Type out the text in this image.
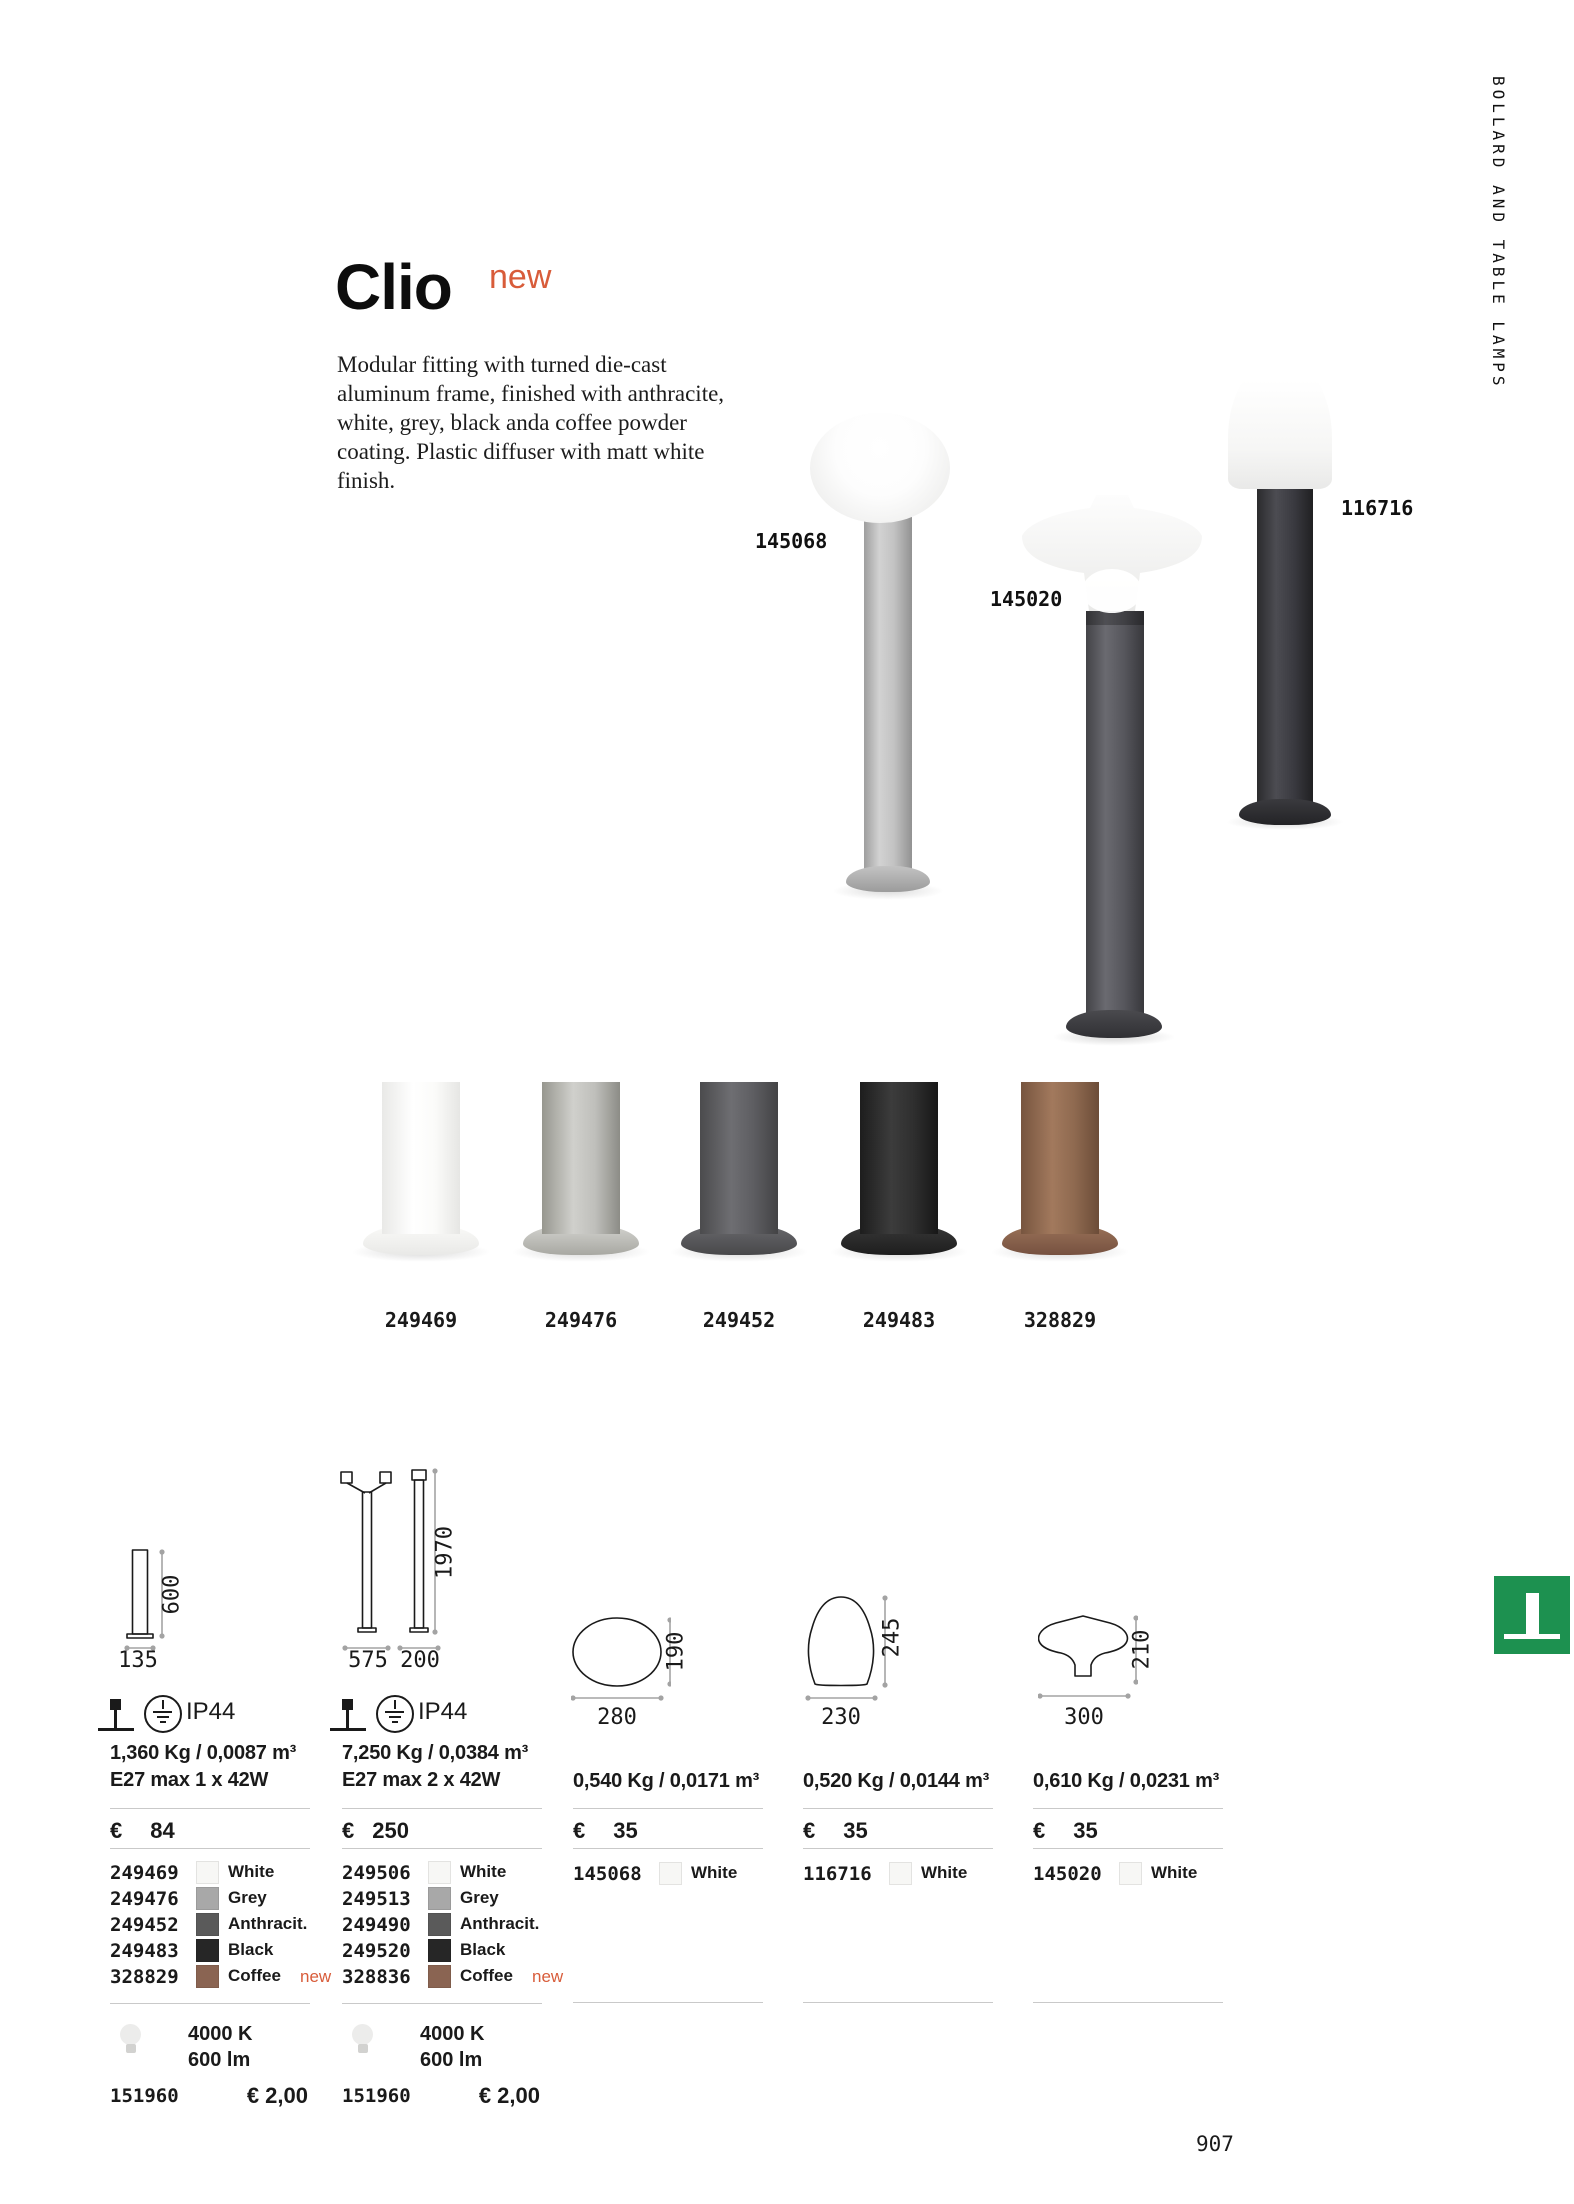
BOLLARD AND TABLE LAMPS
Clio new
Modular fitting with turned die-cast aluminum frame, finished with anthracite, white, grey, black anda coffee powder coating. Plastic diffuser with matt white finish.
145068
145020
116716
249469	249476	249452	249483	328829
600
135
1970
575 200	190
280
245
230
210
300
IP44	IP44
1,360 Kg / 0,0087 m³
E27 max 1 x 42W
€ 84
249469	White
249476	Grey
249452	Anthracit.
249483	Black
328829	Coffee new
4000 K
600 lm
151960	€ 2,00
7,250 Kg / 0,0384 m³
E27 max 2 x 42W
€ 250
249506	White
249513	Grey
249490	Anthracit.
249520	Black
328836	Coffee new
4000 K
600 lm
151960	€ 2,00
0,540 Kg / 0,0171 m³
€ 35
145068	White
0,520 Kg / 0,0144 m³
€ 35
116716	White
0,610 Kg / 0,0231 m³
€ 35
145020	White
907
